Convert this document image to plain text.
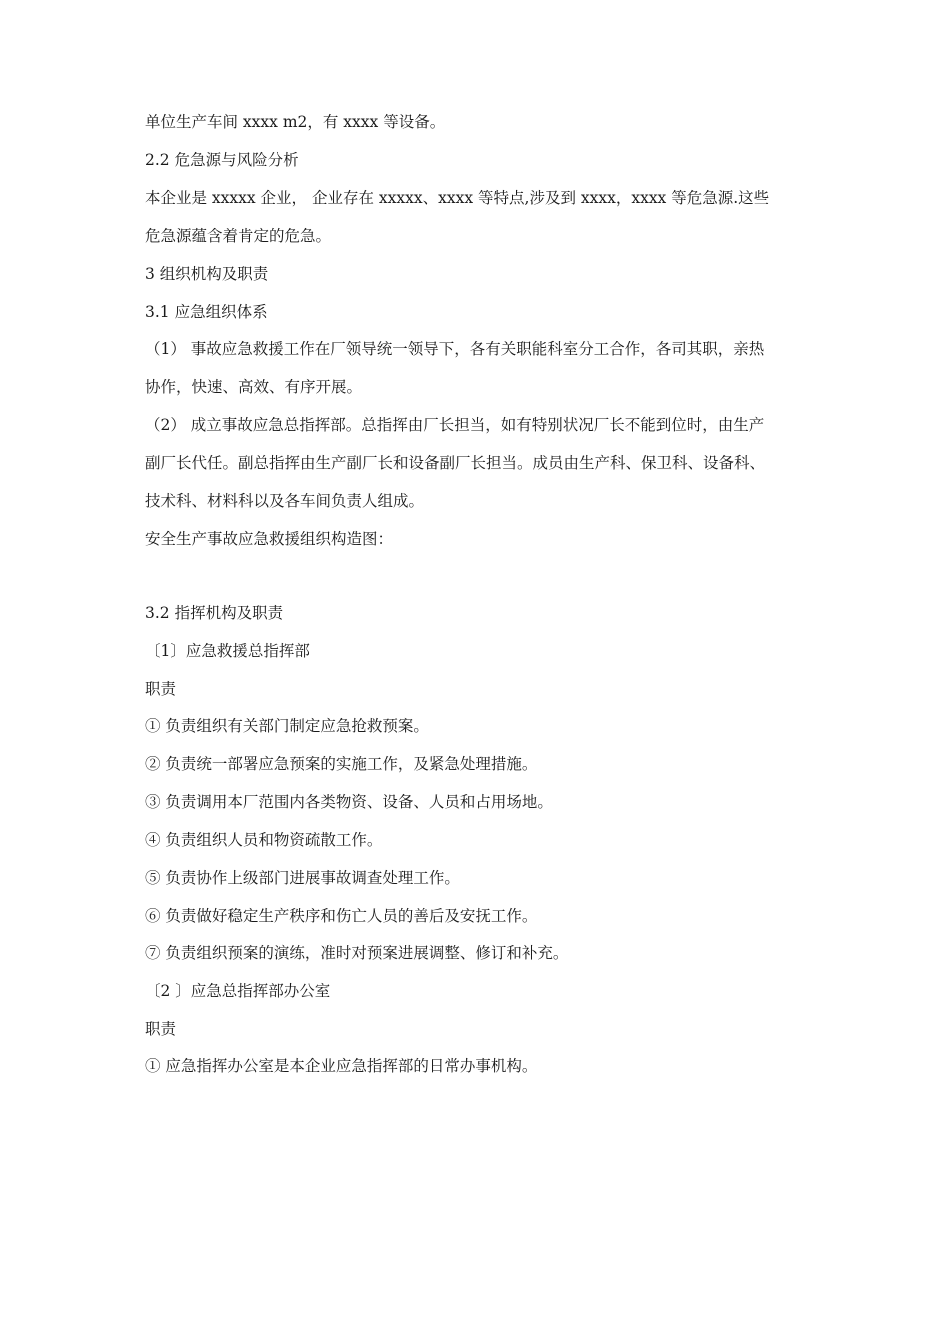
单位生产车间 xxxx m2，有 xxxx 等设备。
2.2 危急源与风险分析
本企业是 xxxxx 企业， 企业存在 xxxxx、xxxx 等特点,涉及到 xxxx，xxxx 等危急源.这些
危急源蕴含着肯定的危急。
3 组织机构及职责
3.1 应急组织体系
（1） 事故应急救援工作在厂领导统一领导下，各有关职能科室分工合作，各司其职，亲热
协作，快速、高效、有序开展。
（2） 成立事故应急总指挥部。总指挥由厂长担当，如有特别状况厂长不能到位时，由生产
副厂长代任。副总指挥由生产副厂长和设备副厂长担当。成员由生产科、保卫科、设备科、
技术科、材料科以及各车间负责人组成。
安全生产事故应急救援组织构造图：
3.2 指挥机构及职责
〔1〕应急救援总指挥部
职责
① 负责组织有关部门制定应急抢救预案。
② 负责统一部署应急预案的实施工作，及紧急处理措施。
③ 负责调用本厂范围内各类物资、设备、人员和占用场地。
④ 负责组织人员和物资疏散工作。
⑤ 负责协作上级部门进展事故调查处理工作。
⑥ 负责做好稳定生产秩序和伤亡人员的善后及安抚工作。
⑦ 负责组织预案的演练，准时对预案进展调整、修订和补充。
〔2 〕应急总指挥部办公室
职责
① 应急指挥办公室是本企业应急指挥部的日常办事机构。
